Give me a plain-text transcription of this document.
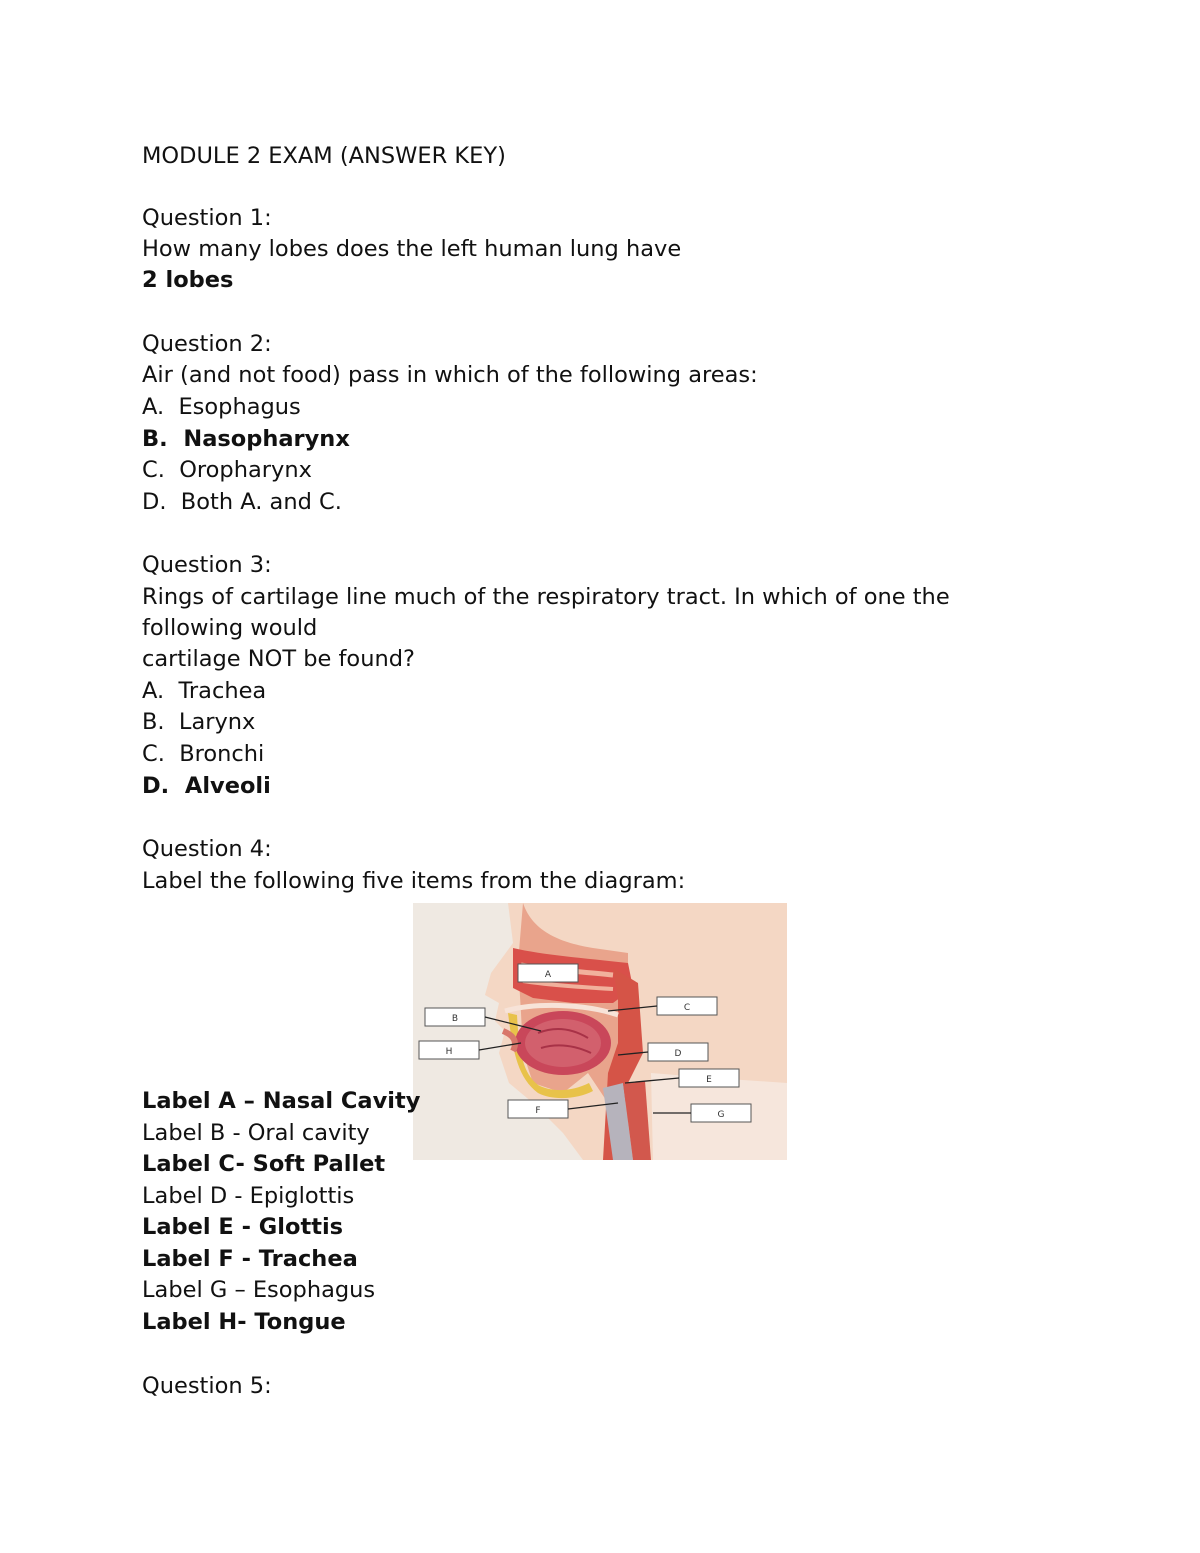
MODULE 2 EXAM (ANSWER KEY)

Question 1:

How many lobes does the left human lung have

2 lobes

Question 2:

Air (and not food) pass in which of the following areas:

A. Esophagus

B. Nasopharynx

C. Oropharynx

D. Both A. and C.

Question 3:

Rings of cartilage line much of the respiratory tract. In which of one the

following would

cartilage NOT be found?

A. Trachea

B. Larynx

C. Bronchi

D. Alveoli

Question 4:

Label the following five items from the diagram:

A
B
C
D
E
F	G
H
Label A – Nasal Cavity
Label B - Oral cavity
Label C- Soft Pallet
Label D - Epiglottis
Label E - Glottis
Label F - Trachea
Label G – Esophagus
Label H- Tongue

Question 5:
